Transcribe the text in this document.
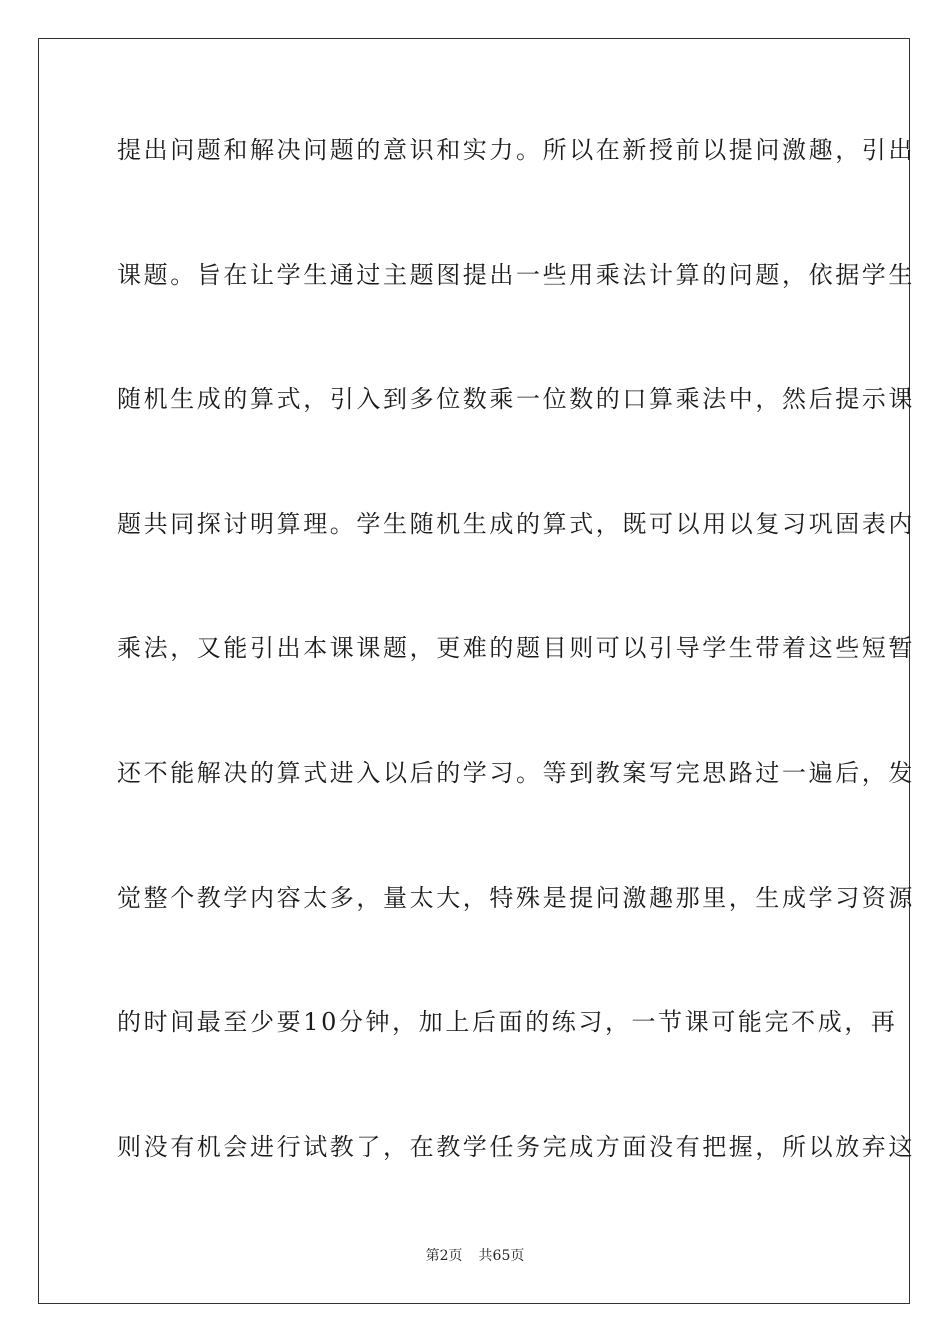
提出问题和解决问题的意识和实力。所以在新授前以提问激趣，引出
课题。旨在让学生通过主题图提出一些用乘法计算的问题，依据学生
随机生成的算式，引入到多位数乘一位数的口算乘法中，然后提示课
题共同探讨明算理。学生随机生成的算式，既可以用以复习巩固表内
乘法，又能引出本课课题，更难的题目则可以引导学生带着这些短暂
还不能解决的算式进入以后的学习。等到教案写完思路过一遍后，发
觉整个教学内容太多，量太大，特殊是提问激趣那里，生成学习资源
的时间最至少要10分钟，加上后面的练习，一节课可能完不成，再
则没有机会进行试教了，在教学任务完成方面没有把握，所以放弃这
第2页 共65页
